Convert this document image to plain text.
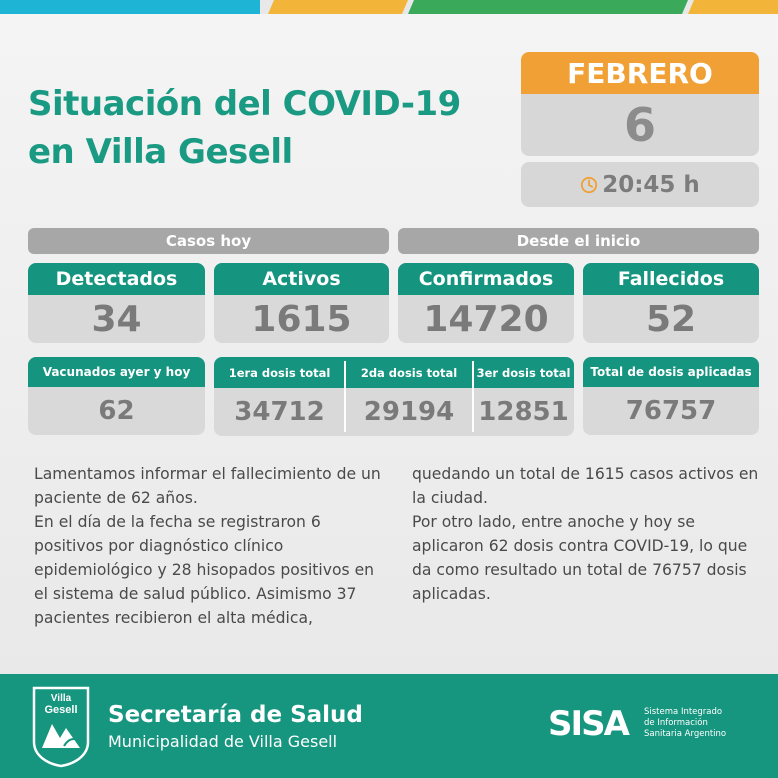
Situación del COVID-19
en Villa Gesell
FEBRERO
6
20:45 h
Casos hoy	Desde el inicio
Detectados
34
Activos
1615
Confirmados
14720
Fallecidos
52
Vacunados ayer y hoy
62
1era dosis total
34712
2da dosis total
29194
3er dosis total
12851
Total de dosis aplicadas
76757

Lamentamos informar el fallecimiento de un

paciente de 62 años.

En el día de la fecha se registraron 6

positivos por diagnóstico clínico

epidemiológico y 28 hisopados positivos en

el sistema de salud público. Asimismo 37

pacientes recibieron el alta médica,

quedando un total de 1615 casos activos en

la ciudad.

Por otro lado, entre anoche y hoy se

aplicaron 62 dosis contra COVID-19, lo que

da como resultado un total de 76757 dosis

aplicadas.

Villa
Gesell Secretaría de Salud
Municipalidad de Villa Gesell	SISA	Sistema Integrado
de Información
Sanitaria Argentino
